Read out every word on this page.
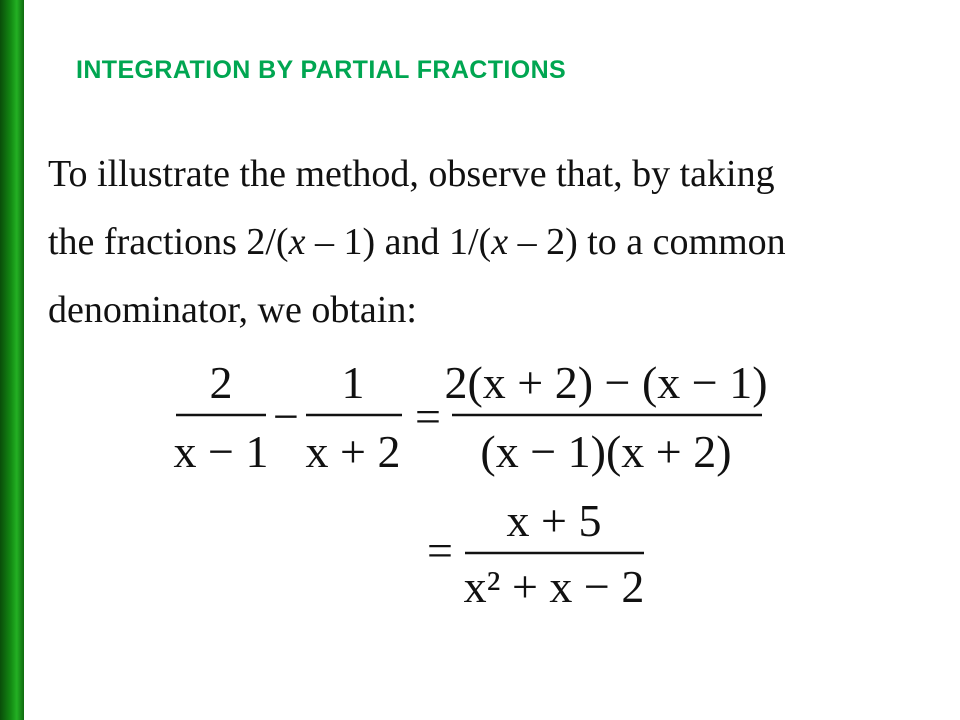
INTEGRATION BY PARTIAL FRACTIONS
To illustrate the method, observe that, by taking
the fractions 2/(x – 1) and 1/(x – 2) to a common
denominator, we obtain:
2
x − 1
−
1
x + 2
=
2(x + 2) − (x − 1)
(x − 1)(x + 2)
=
x + 5
x² + x − 2
